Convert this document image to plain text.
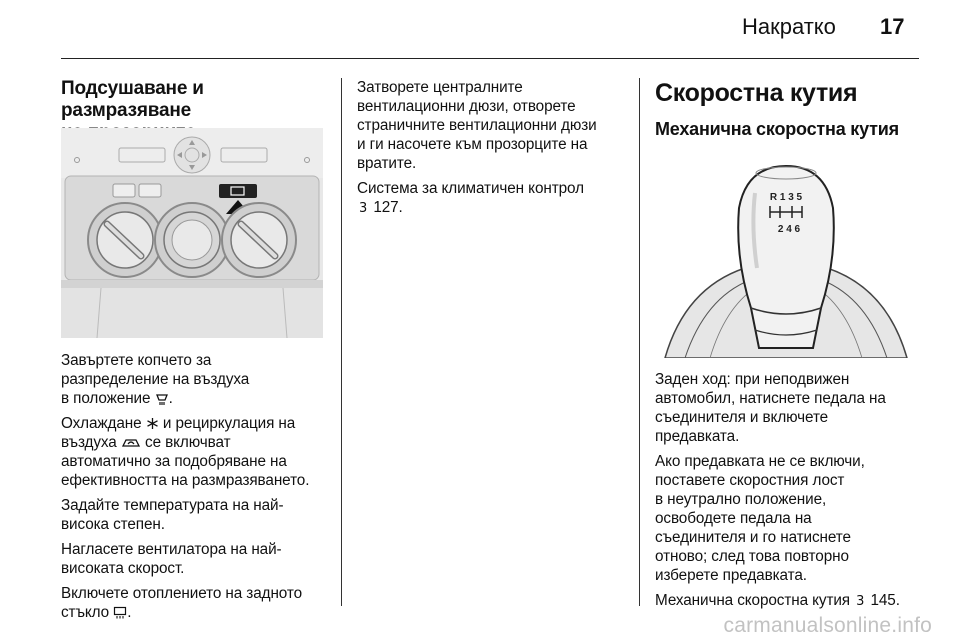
Накратко 17
Подсушаване и размразяване

Завъртете копчето за
разпределение на въздуха
в положение .

Охлаждане и рециркулация на
въздуха се включват
автоматично за подобряване на
ефективността на размразяването.

Задайте температурата на най-
висока степен.

Нагласете вентилатора на най-
високата скорост.

Включете отоплението на задното
стъкло .

Затворете централните
вентилационни дюзи, отворете
страничните вентилационни дюзи
и ги насочете към прозорците на
вратите.

Система за климатичен контрол
3 127.

Скоростна кутия
Механична скоростна кутия
R 1 3 5
2 4 6

Заден ход: при неподвижен
автомобил, натиснете педала на
съединителя и включете
предавката.

Ако предавката не се включи,
поставете скоростния лост
в неутрално положение,
освободете педала на
съединителя и го натиснете
отново; след това повторно
изберете предавката.

Механична скоростна кутия 3 145.

carmanualsonline.info
